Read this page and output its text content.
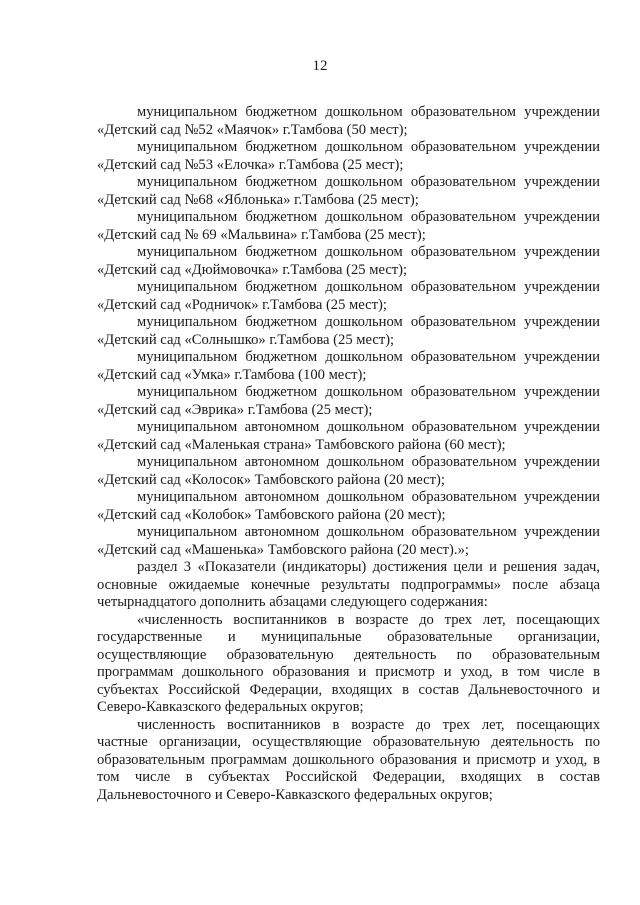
12
муниципальном бюджетном дошкольном образовательном учреждении
«Детский сад №52 «Маячок» г.Тамбова (50 мест);
муниципальном бюджетном дошкольном образовательном учреждении
«Детский сад №53 «Елочка» г.Тамбова (25 мест);
муниципальном бюджетном дошкольном образовательном учреждении
«Детский сад №68 «Яблонька» г.Тамбова (25 мест);
муниципальном бюджетном дошкольном образовательном учреждении
«Детский сад № 69 «Мальвина» г.Тамбова (25 мест);
муниципальном бюджетном дошкольном образовательном учреждении
«Детский сад «Дюймовочка» г.Тамбова (25 мест);
муниципальном бюджетном дошкольном образовательном учреждении
«Детский сад «Родничок» г.Тамбова (25 мест);
муниципальном бюджетном дошкольном образовательном учреждении
«Детский сад «Солнышко» г.Тамбова (25 мест);
муниципальном бюджетном дошкольном образовательном учреждении
«Детский сад «Умка» г.Тамбова (100 мест);
муниципальном бюджетном дошкольном образовательном учреждении
«Детский сад «Эврика» г.Тамбова (25 мест);
муниципальном автономном дошкольном образовательном учреждении
«Детский сад «Маленькая страна» Тамбовского района (60 мест);
муниципальном автономном дошкольном образовательном учреждении
«Детский сад «Колосок» Тамбовского района (20 мест);
муниципальном автономном дошкольном образовательном учреждении
«Детский сад «Колобок» Тамбовского района (20 мест);
муниципальном автономном дошкольном образовательном учреждении
«Детский сад «Машенька» Тамбовского района (20 мест).»;
раздел 3 «Показатели (индикаторы) достижения цели и решения задач,
основные ожидаемые конечные результаты подпрограммы» после абзаца
четырнадцатого дополнить абзацами следующего содержания:
«численность воспитанников в возрасте до трех лет, посещающих
государственные и муниципальные образовательные организации,
осуществляющие образовательную деятельность по образовательным
программам дошкольного образования и присмотр и уход, в том числе в
субъектах Российской Федерации, входящих в состав Дальневосточного и
Северо-Кавказского федеральных округов;
численность воспитанников в возрасте до трех лет, посещающих
частные организации, осуществляющие образовательную деятельность по
образовательным программам дошкольного образования и присмотр и уход, в
том числе в субъектах Российской Федерации, входящих в состав
Дальневосточного и Северо-Кавказского федеральных округов;
